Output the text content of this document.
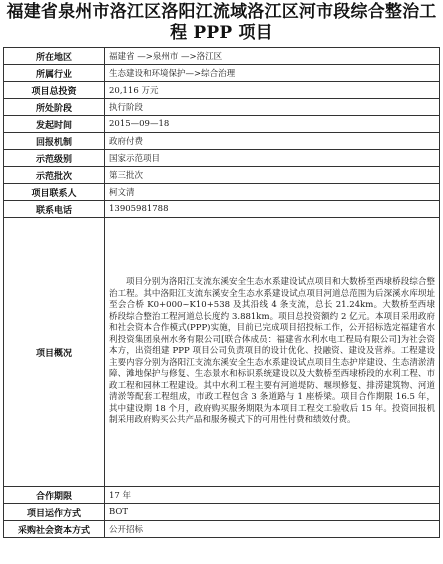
福建省泉州市洛江区洛阳江流域洛江区河市段综合整治工程 PPP 项目
所在地区	福建省 —>泉州市 —>洛江区
所属行业	生态建设和环境保护—>综合治理
项目总投资	20,116 万元
所处阶段	执行阶段
发起时间	2015—09—18
回报机制	政府付费
示范级别	国家示范项目
示范批次	第三批次
项目联系人	柯文清
联系电话	13905981788
项目概况	项目分别为洛阳江支流东溪安全生态水系建设试点项目和大数桥至西埭桥段综合整治工程。其中洛阳江支流东溪安全生态水系建设试点项目河道总范围为后深溪水库坝址至会合桥 K0+000~K10+538 及其沿线 4 条支流，总长 21.24km。大数桥至西埭桥段综合整治工程河道总长度约 3.881km。项目总投资额约 2 亿元。本项目采用政府和社会资本合作模式(PPP)实施，目前已完成项目招投标工作，公开招标选定福建省水利投资集团泉州水务有限公司[联合体成员：福建省水利水电工程局有限公司]为社会资本方，出资组建 PPP 项目公司负责项目的设计优化、投融资、建设及营养。工程建设主要内容分别为洛阳江支流东溪安全生态水系建设试点项目生态护岸建设、生态清淤清障、滩地保护与修复、生态景水和标识系统建设以及大数桥至西埭桥段的水利工程、市政工程和园林工程建设。其中水利工程主要有河道堤防、堰坝修复、排涝建筑物、河道清淤等配套工程组成，市政工程包含 3 条道路与 1 座桥梁。项目合作期限 16.5 年，其中建设期 18 个月，政府购买服务期限为本项目工程交工验收后 15 年。投资回报机制采用政府购买公共产品和服务模式下的可用性付费和绩效付费。

合作期限	17 年
项目运作方式	BOT
采购社会资本方式	公开招标
